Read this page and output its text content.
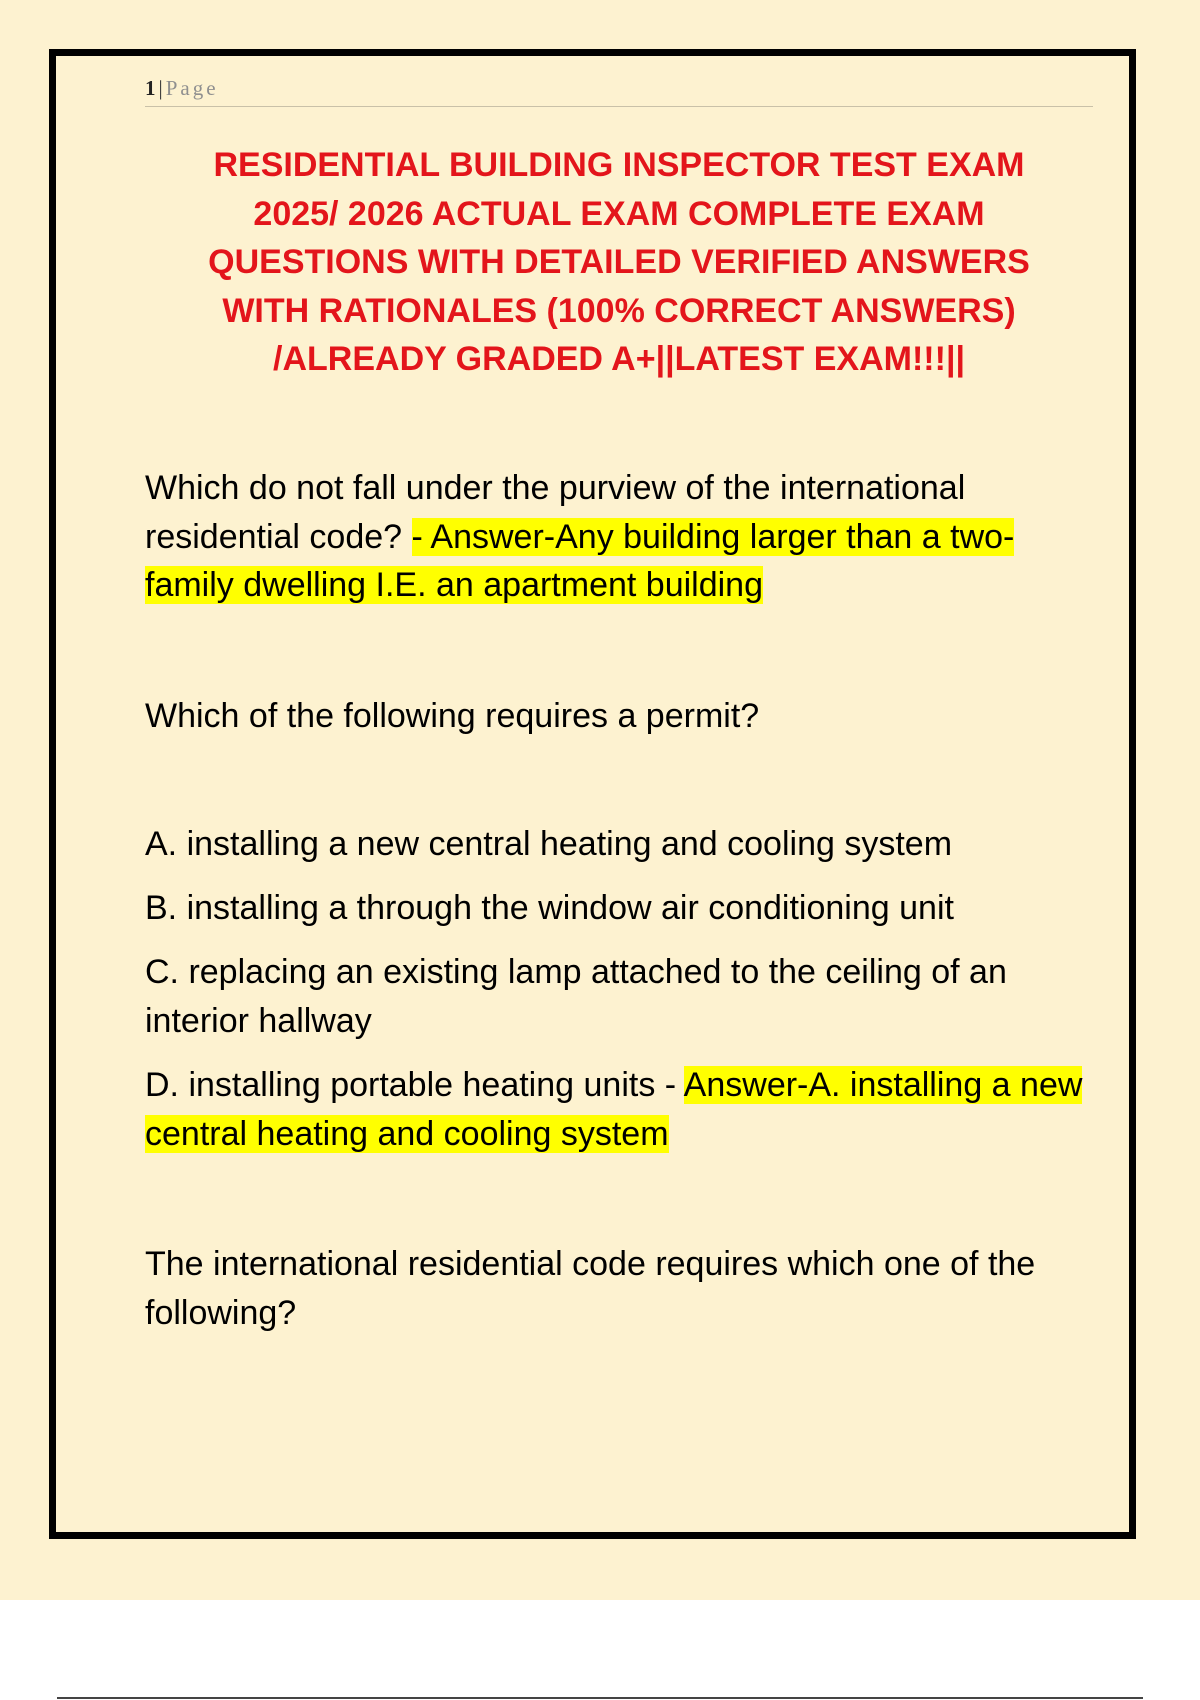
1 | Page
RESIDENTIAL BUILDING INSPECTOR TEST EXAM
2025/ 2026 ACTUAL EXAM COMPLETE EXAM
QUESTIONS WITH DETAILED VERIFIED ANSWERS
WITH RATIONALES (100% CORRECT ANSWERS)
/ALREADY GRADED A+||LATEST EXAM!!!||

Which do not fall under the purview of the international residential code? - Answer-Any building larger than a two-family dwelling I.E. an apartment building

Which of the following requires a permit?

A. installing a new central heating and cooling system

B. installing a through the window air conditioning unit

C. replacing an existing lamp attached to the ceiling of an interior hallway

D. installing portable heating units - Answer-A. installing a new central heating and cooling system

The international residential code requires which one of the following?
